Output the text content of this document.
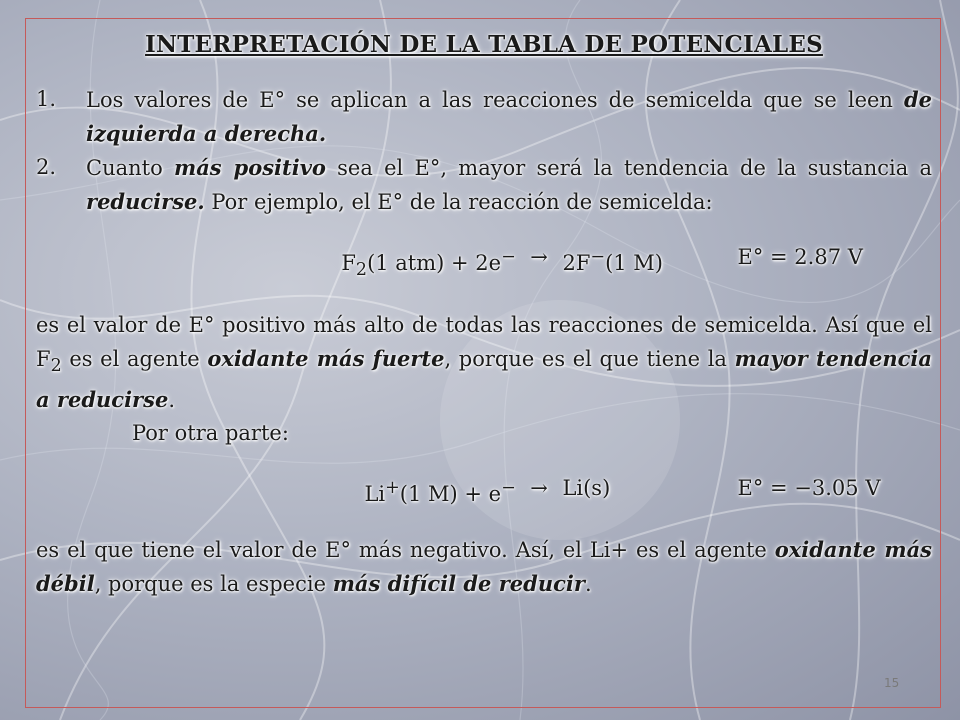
INTERPRETACIÓN DE LA TABLA DE POTENCIALES
1.	Los valores de E° se aplican a las reacciones de semicelda que se leen de izquierda a derecha.
2.	Cuanto más positivo sea el E°, mayor será la tendencia de la sustancia a reducirse. Por ejemplo, el E° de la reacción de semicelda:
$F_2(1$ atm) + 2e− → 2F−(1 M)	E° = 2.87 V

es el valor de E° positivo más alto de todas las reacciones de semicelda. Así que el $F_2$ es el agente oxidante más fuerte, porque es el que tiene la mayor tendencia a reducirse.

Por otra parte:

Li+(1 M) + e− → Li(s)	E° = −3.05 V

es el que tiene el valor de E° más negativo. Así, el Li+ es el agente oxidante más débil, porque es la especie más difícil de reducir.

15
